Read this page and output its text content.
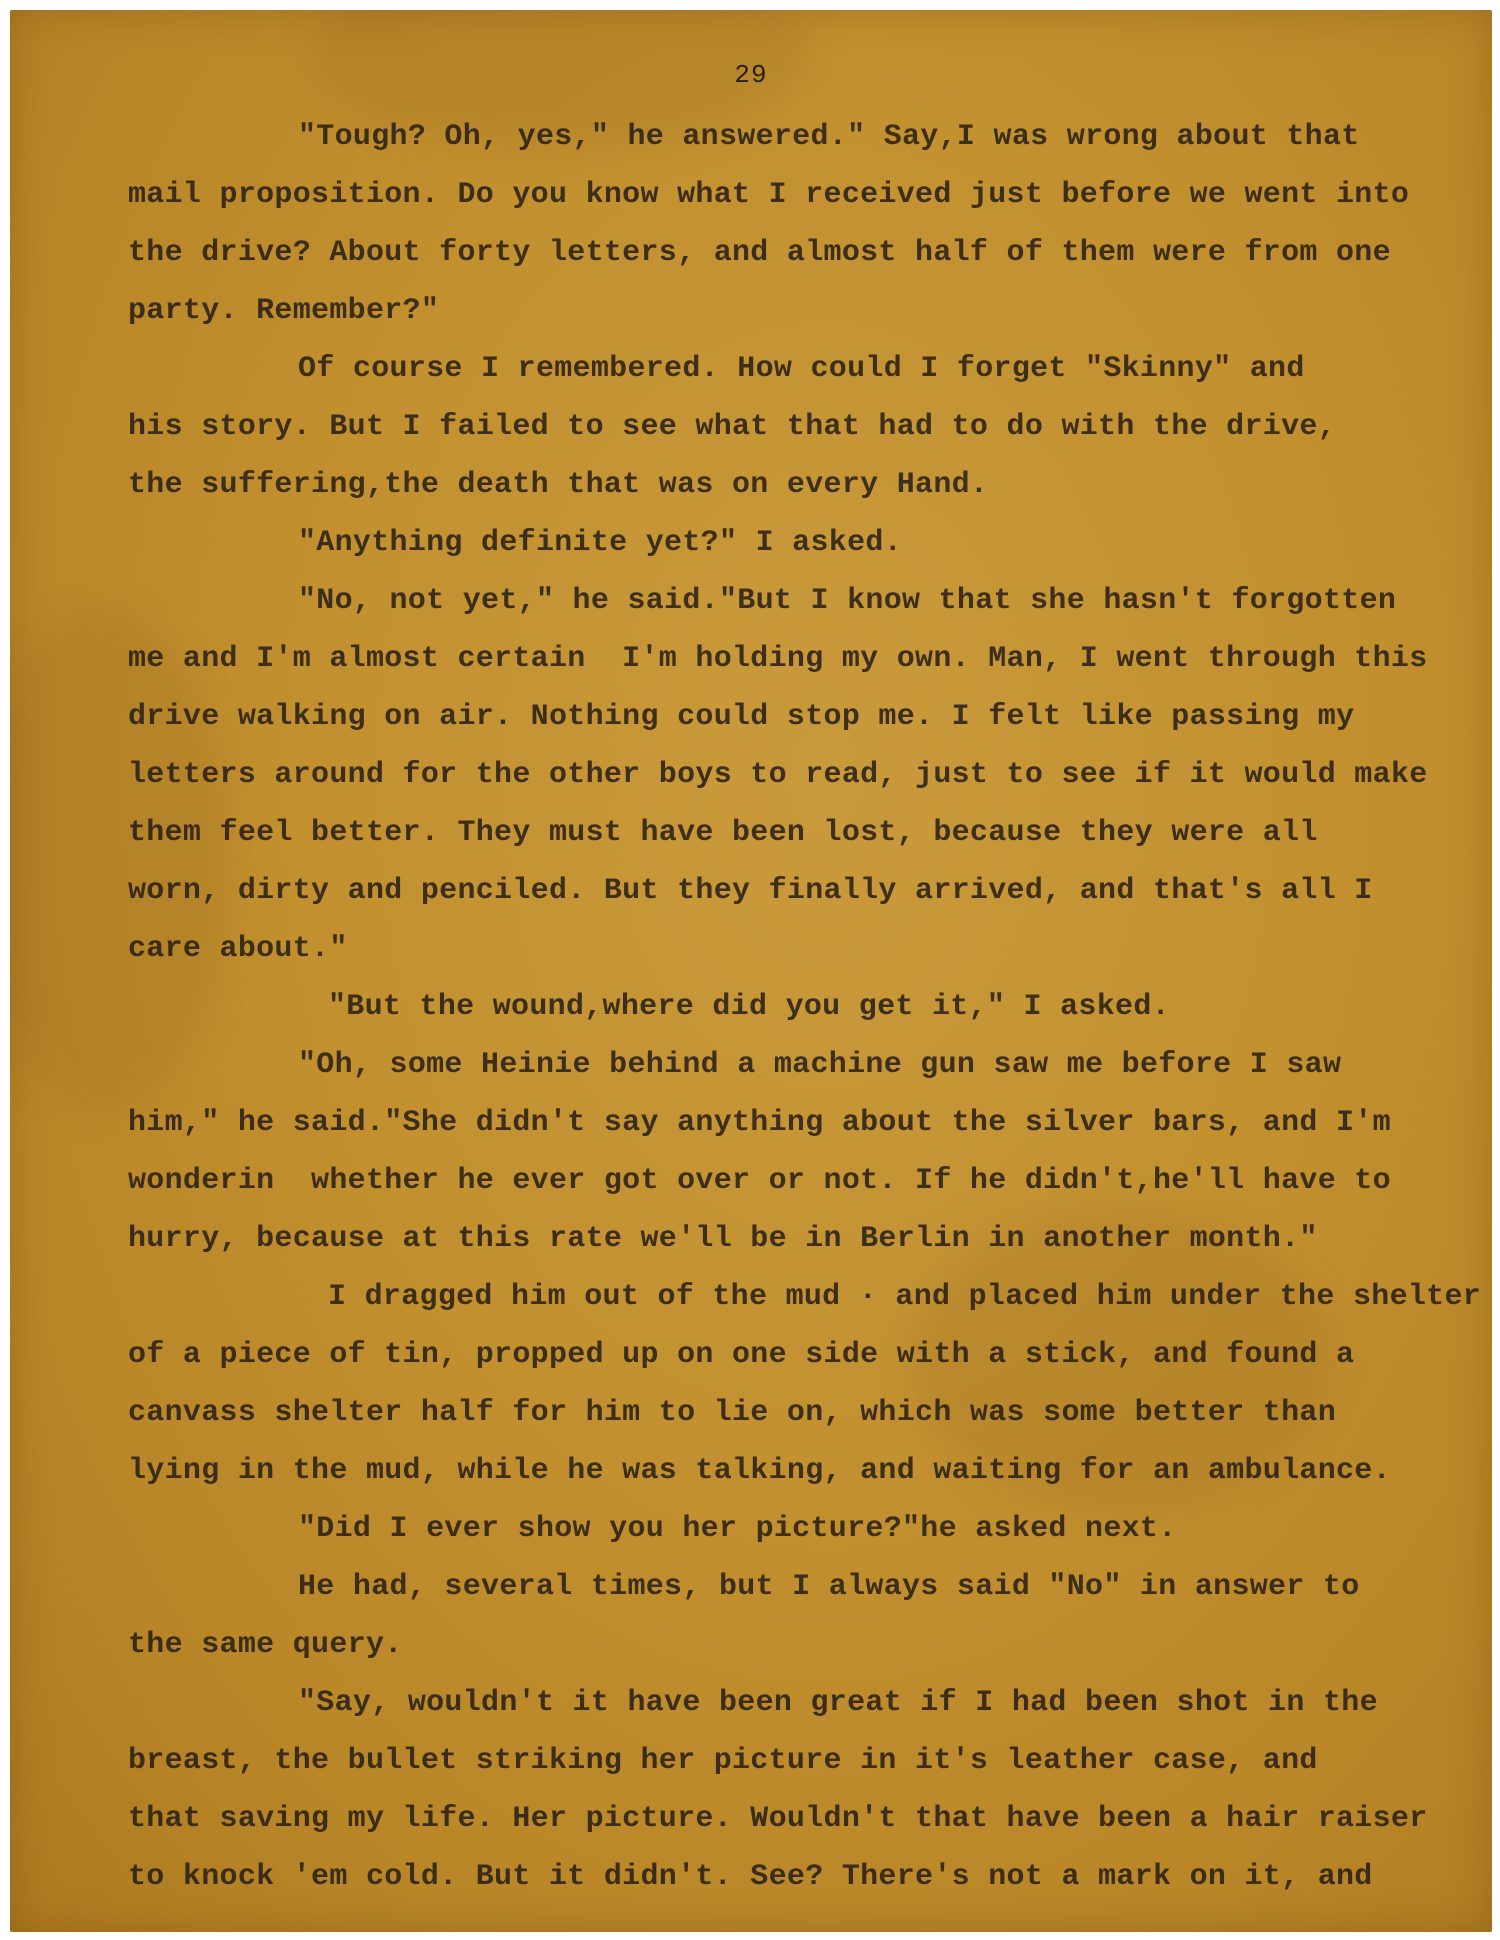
29
"Tough? Oh, yes," he answered." Say,I was wrong about that
mail proposition. Do you know what I received just before we went into
the drive? About forty letters, and almost half of them were from one
party. Remember?"
Of course I remembered. How could I forget "Skinny" and
his story. But I failed to see what that had to do with the drive,
the suffering,the death that was on every Hand.
"Anything definite yet?" I asked.
"No, not yet," he said."But I know that she hasn't forgotten
me and I'm almost certain  I'm holding my own. Man, I went through this
drive walking on air. Nothing could stop me. I felt like passing my
letters around for the other boys to read, just to see if it would make
them feel better. They must have been lost, because they were all
worn, dirty and penciled. But they finally arrived, and that's all I
care about."
"But the wound,where did you get it," I asked.
"Oh, some Heinie behind a machine gun saw me before I saw
him," he said."She didn't say anything about the silver bars, and I'm
wonderin  whether he ever got over or not. If he didn't,he'll have to
hurry, because at this rate we'll be in Berlin in another month."
I dragged him out of the mud · and placed him under the shelter
of a piece of tin, propped up on one side with a stick, and found a
canvass shelter half for him to lie on, which was some better than
lying in the mud, while he was talking, and waiting for an ambulance.
"Did I ever show you her picture?"he asked next.
He had, several times, but I always said "No" in answer to
the same query.
"Say, wouldn't it have been great if I had been shot in the
breast, the bullet striking her picture in it's leather case, and
that saving my life. Her picture. Wouldn't that have been a hair raiser
to knock 'em cold. But it didn't. See? There's not a mark on it, and
